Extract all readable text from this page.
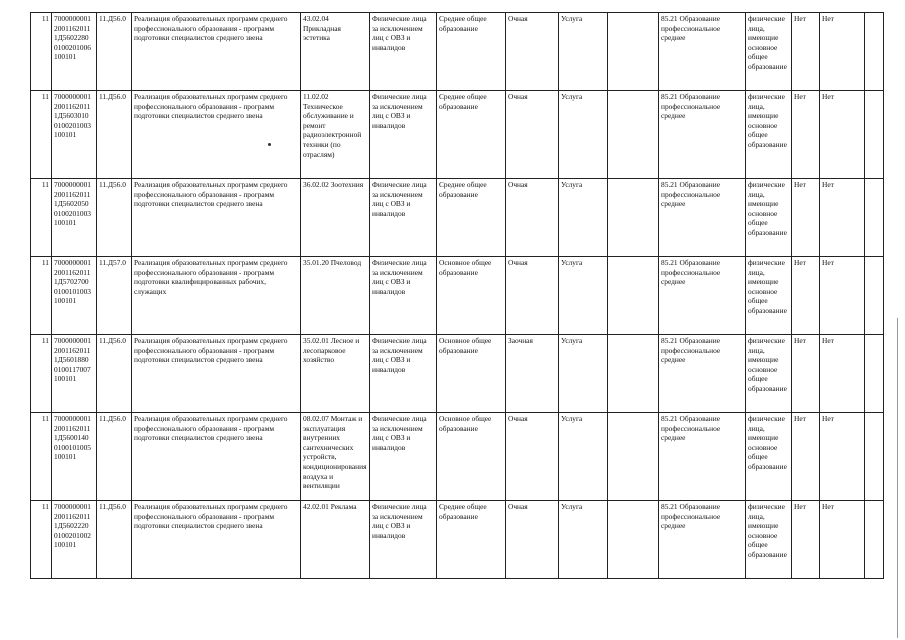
11	7000000001
2001162011
1Д5602280
0100201006
100101	11.Д56.0	Реализация образовательных программ среднего профессионального образования - программ подготовки специалистов среднего звена	43.02.04 Прикладная эстетика	Физические лица за исключением лиц с ОВЗ и инвалидов	Среднее общее образование	Очная	Услуга		85.21 Образование профессиональное среднее	физические лица, имеющие основное общее образование	Нет	Нет	
11	7000000001
2001162011
1Д5603010
0100201003
100101	11.Д56.0	Реализация образовательных программ среднего профессионального образования - программ подготовки специалистов среднего звена	11.02.02 Техническое обслуживание и ремонт радиоэлектронной техники (по отраслям)	Физические лица за исключением лиц с ОВЗ и инвалидов	Среднее общее образование	Очная	Услуга		85.21 Образование профессиональное среднее	физические лица, имеющие основное общее образование	Нет	Нет	
11	7000000001
2001162011
1Д5602050
0100201003
100101	11.Д56.0	Реализация образовательных программ среднего профессионального образования - программ подготовки специалистов среднего звена	36.02.02 Зоотехния	Физические лица за исключением лиц с ОВЗ и инвалидов	Среднее общее образование	Очная	Услуга		85.21 Образование профессиональное среднее	физические лица, имеющие основное общее образование	Нет	Нет	
11	7000000001
2001162011
1Д5702700
0100101003
100101	11.Д57.0	Реализация образовательных программ среднего профессионального образования - программ подготовки квалифицированных рабочих, служащих	35.01.20 Пчеловод	Физические лица за исключением лиц с ОВЗ и инвалидов	Основное общее образование	Очная	Услуга		85.21 Образование профессиональное среднее	физические лица, имеющие основное общее образование	Нет	Нет	
11	7000000001
2001162011
1Д5601880
0100117007
100101	11.Д56.0	Реализация образовательных программ среднего профессионального образования - программ подготовки специалистов среднего звена	35.02.01 Лесное и лесопарковое хозяйство	Физические лица за исключением лиц с ОВЗ и инвалидов	Основное общее образование	Заочная	Услуга		85.21 Образование профессиональное среднее	физические лица, имеющие основное общее образование	Нет	Нет	
11	7000000001
2001162011
1Д5600140
0100101005
100101	11.Д56.0	Реализация образовательных программ среднего профессионального образования - программ подготовки специалистов среднего звена	08.02.07 Монтаж и эксплуатация внутренних сантехнических устройств, кондиционирования воздуха и вентиляции	Физические лица за исключением лиц с ОВЗ и инвалидов	Основное общее образование	Очная	Услуга		85.21 Образование профессиональное среднее	физические лица, имеющие основное общее образование	Нет	Нет	
11	7000000001
2001162011
1Д5602220
0100201002
100101	11.Д56.0	Реализация образовательных программ среднего профессионального образования - программ подготовки специалистов среднего звена	42.02.01 Реклама	Физические лица за исключением лиц с ОВЗ и инвалидов	Среднее общее образование	Очная	Услуга		85.21 Образование профессиональное среднее	физические лица, имеющие основное общее образование	Нет	Нет	
